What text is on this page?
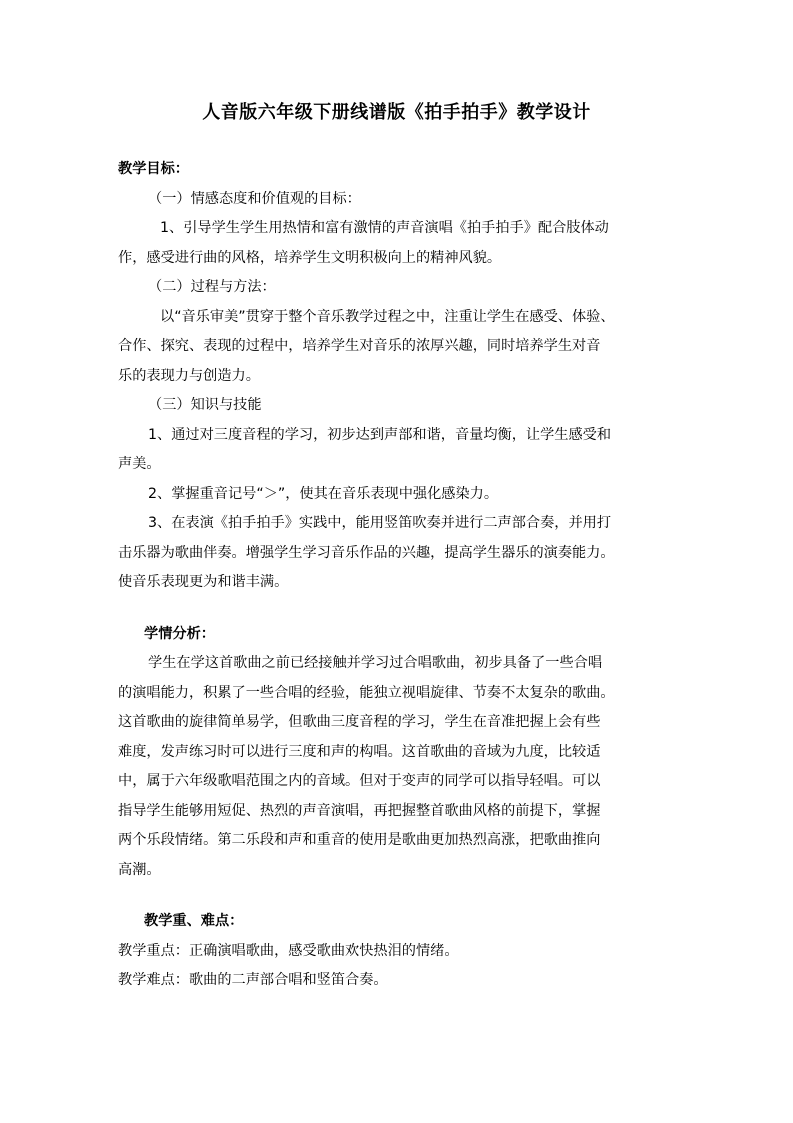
人音版六年级下册线谱版《拍手拍手》教学设计
教学目标：
（一）情感态度和价值观的目标：
1、引导学生学生用热情和富有激情的声音演唱《拍手拍手》配合肢体动
作，感受进行曲的风格，培养学生文明积极向上的精神风貌。
（二）过程与方法：
以“音乐审美”贯穿于整个音乐教学过程之中，注重让学生在感受、体验、
合作、探究、表现的过程中，培养学生对音乐的浓厚兴趣，同时培养学生对音
乐的表现力与创造力。
（三）知识与技能
1、通过对三度音程的学习，初步达到声部和谐，音量均衡，让学生感受和
声美。
2、掌握重音记号“＞”，使其在音乐表现中强化感染力。
3、在表演《拍手拍手》实践中，能用竖笛吹奏并进行二声部合奏，并用打
击乐器为歌曲伴奏。增强学生学习音乐作品的兴趣，提高学生器乐的演奏能力。
使音乐表现更为和谐丰满。
学情分析：
学生在学这首歌曲之前已经接触并学习过合唱歌曲，初步具备了一些合唱
的演唱能力，积累了一些合唱的经验，能独立视唱旋律、节奏不太复杂的歌曲。
这首歌曲的旋律简单易学，但歌曲三度音程的学习，学生在音准把握上会有些
难度，发声练习时可以进行三度和声的构唱。这首歌曲的音域为九度，比较适
中，属于六年级歌唱范围之内的音域。但对于变声的同学可以指导轻唱。可以
指导学生能够用短促、热烈的声音演唱，再把握整首歌曲风格的前提下，掌握
两个乐段情绪。第二乐段和声和重音的使用是歌曲更加热烈高涨，把歌曲推向
高潮。
教学重、难点：
教学重点：正确演唱歌曲，感受歌曲欢快热泪的情绪。
教学难点：歌曲的二声部合唱和竖笛合奏。
